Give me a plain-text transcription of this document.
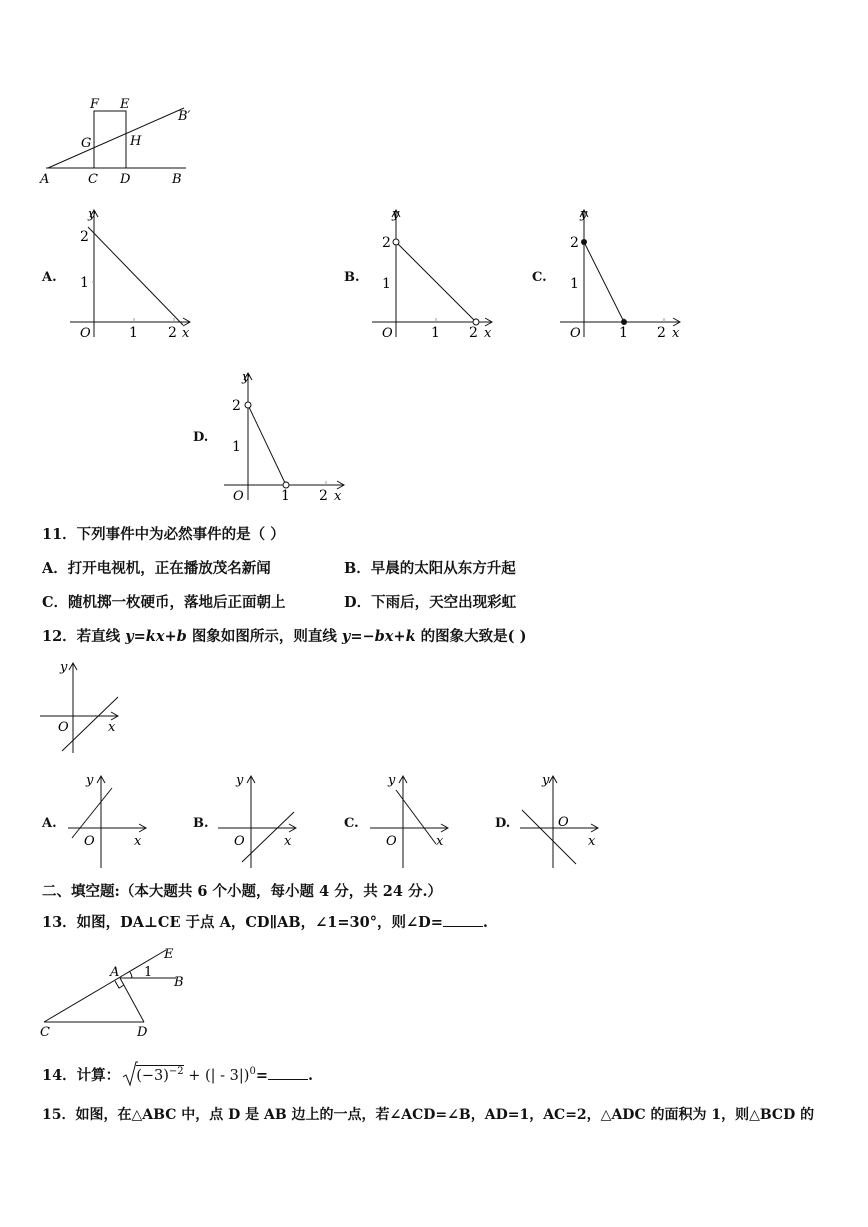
F E
B′
G	H
A	C D	B
A.
y
2
1
O	1 2 x
B.
y
2
1
O	1 2 x
C.
y
2
1
O	1 2 x
D.
y
2
1
O	1 2 x
11．下列事件中为必然事件的是（ ）
A．打开电视机，正在播放茂名新闻	B．早晨的太阳从东方升起
C．随机掷一枚硬币，落地后正面朝上	D．下雨后，天空出现彩虹
12．若直线 y=kx+b 图象如图所示，则直线 y=−bx+k 的图象大致是( )
y
O	x
A.
y
O	x
B.
y
O	x
C.
y
O	x
D.
y
O
x
二、填空题:（本大题共 6 个小题，每小题 4 分，共 24 分.）
13．如图，DA⊥CE 于点 A，CD∥AB，∠1=30°，则∠D=	.
E
A 1
B
C	D
14．计算： $(-3)^{-2}$ + (| - 3|)$^0$=	.
15．如图，在△ABC 中，点 D 是 AB 边上的一点，若∠ACD=∠B，AD=1，AC=2，△ADC 的面积为 1，则△BCD 的
